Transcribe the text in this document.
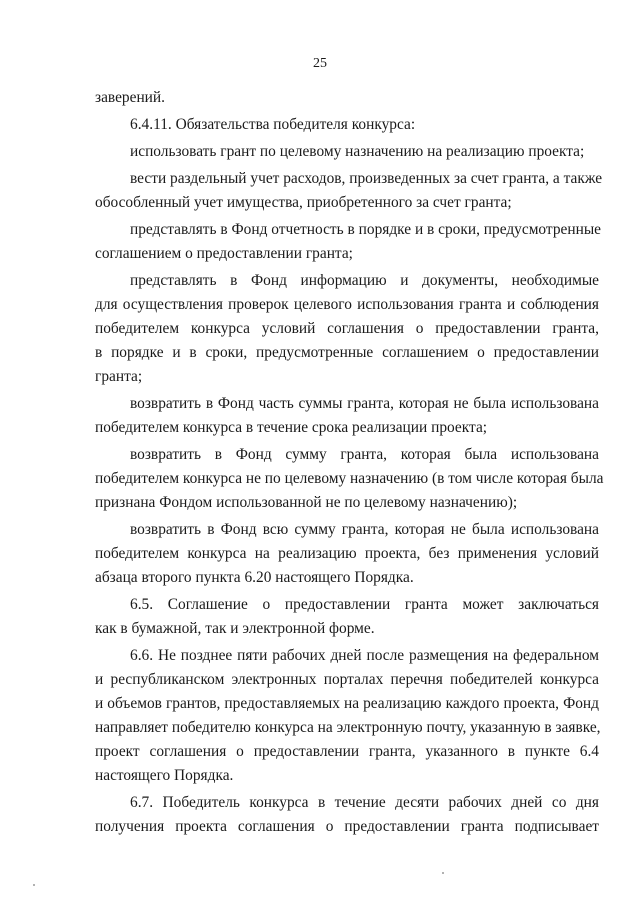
25

заверений.

6.4.11. Обязательства победителя конкурса:

использовать грант по целевому назначению на реализацию проекта;

вести раздельный учет расходов, произведенных за счет гранта, а также
обособленный учет имущества, приобретенного за счет гранта;

представлять в Фонд отчетность в порядке и в сроки, предусмотренные
соглашением о предоставлении гранта;

представлять в Фонд информацию и документы, необходимые
для осуществления проверок целевого использования гранта и соблюдения
победителем конкурса условий соглашения о предоставлении гранта,
в порядке и в сроки, предусмотренные соглашением о предоставлении
гранта;

возвратить в Фонд часть суммы гранта, которая не была использована
победителем конкурса в течение срока реализации проекта;

возвратить в Фонд сумму гранта, которая была использована
победителем конкурса не по целевому назначению (в том числе которая была
признана Фондом использованной не по целевому назначению);

возвратить в Фонд всю сумму гранта, которая не была использована
победителем конкурса на реализацию проекта, без применения условий
абзаца второго пункта 6.20 настоящего Порядка.

6.5. Соглашение о предоставлении гранта может заключаться
как в бумажной, так и электронной форме.

6.6. Не позднее пяти рабочих дней после размещения на федеральном
и республиканском электронных порталах перечня победителей конкурса
и объемов грантов, предоставляемых на реализацию каждого проекта, Фонд
направляет победителю конкурса на электронную почту, указанную в заявке,
проект соглашения о предоставлении гранта, указанного в пункте 6.4
настоящего Порядка.

6.7. Победитель конкурса в течение десяти рабочих дней со дня
получения проекта соглашения о предоставлении гранта подписывает
